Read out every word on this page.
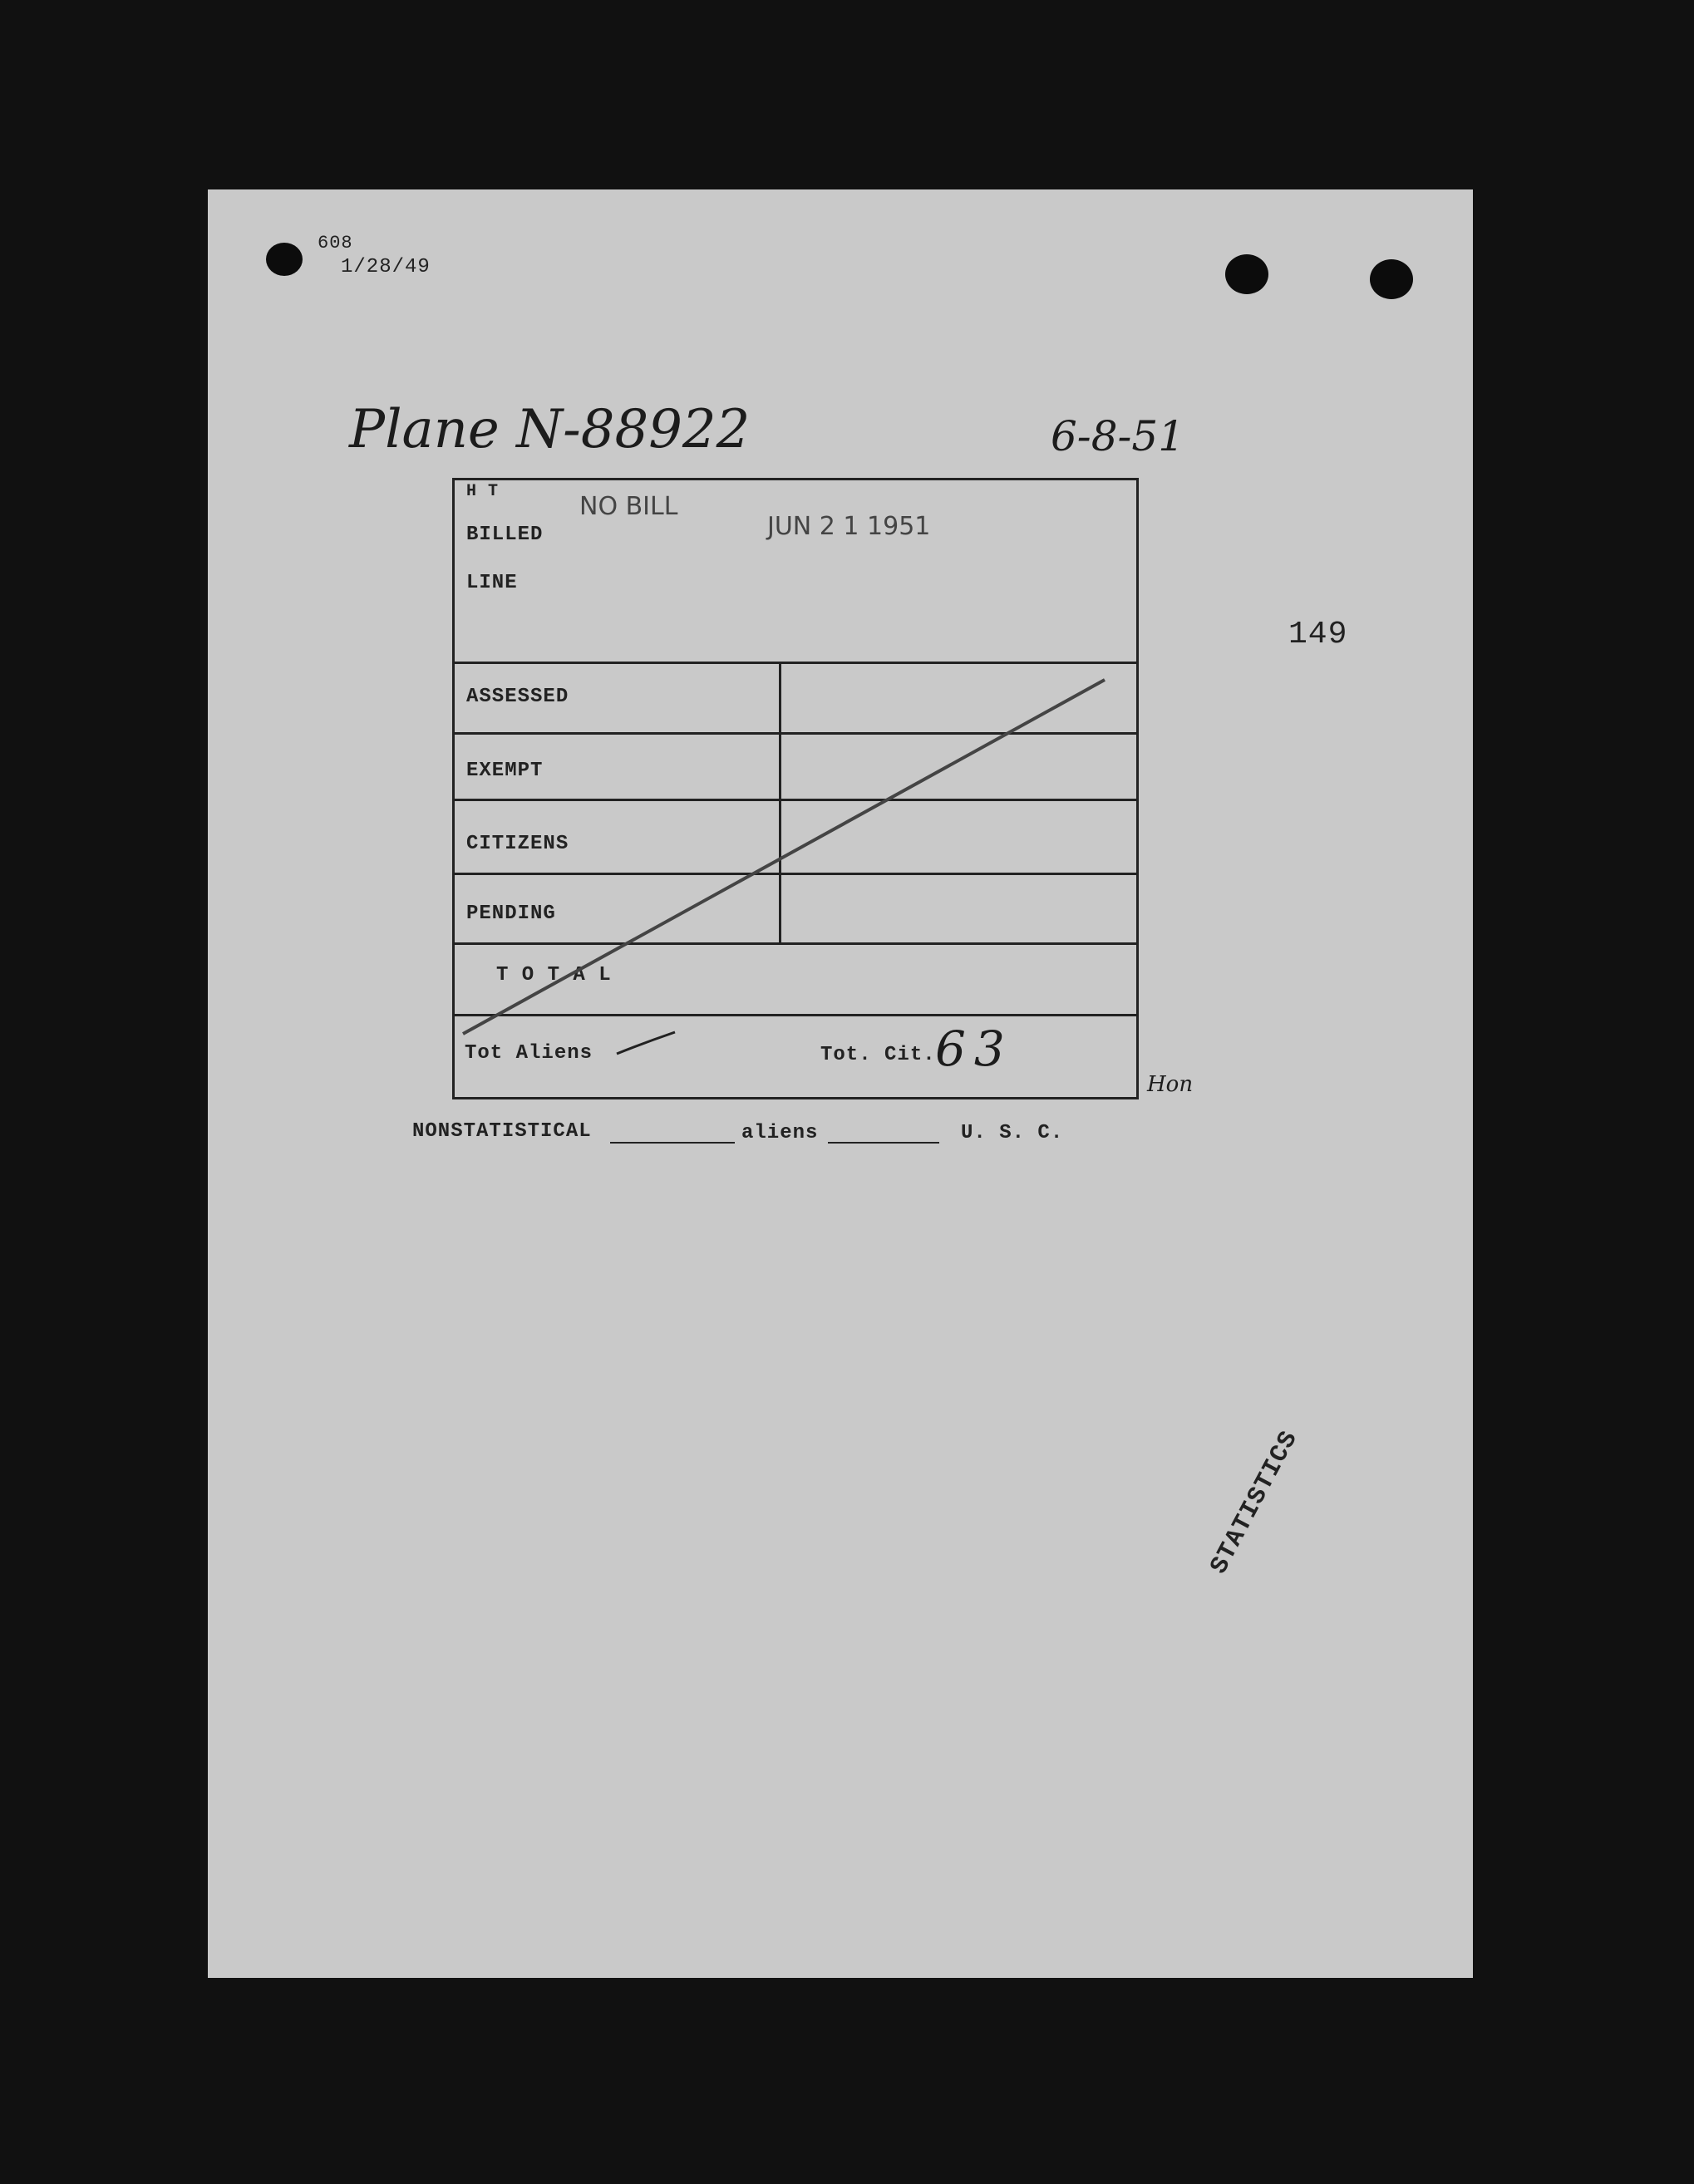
608
1/28/49
Plane N-88922	6-8-51
149
H T
BILLED
LINE
NO BILL
JUN 2 1 1951
ASSESSED
EXEMPT
CITIZENS
PENDING
T O T A L
Tot Aliens	Tot. Cit. 63
Hon
NONSTATISTICAL	aliens	U. S. C.
STATISTICS
